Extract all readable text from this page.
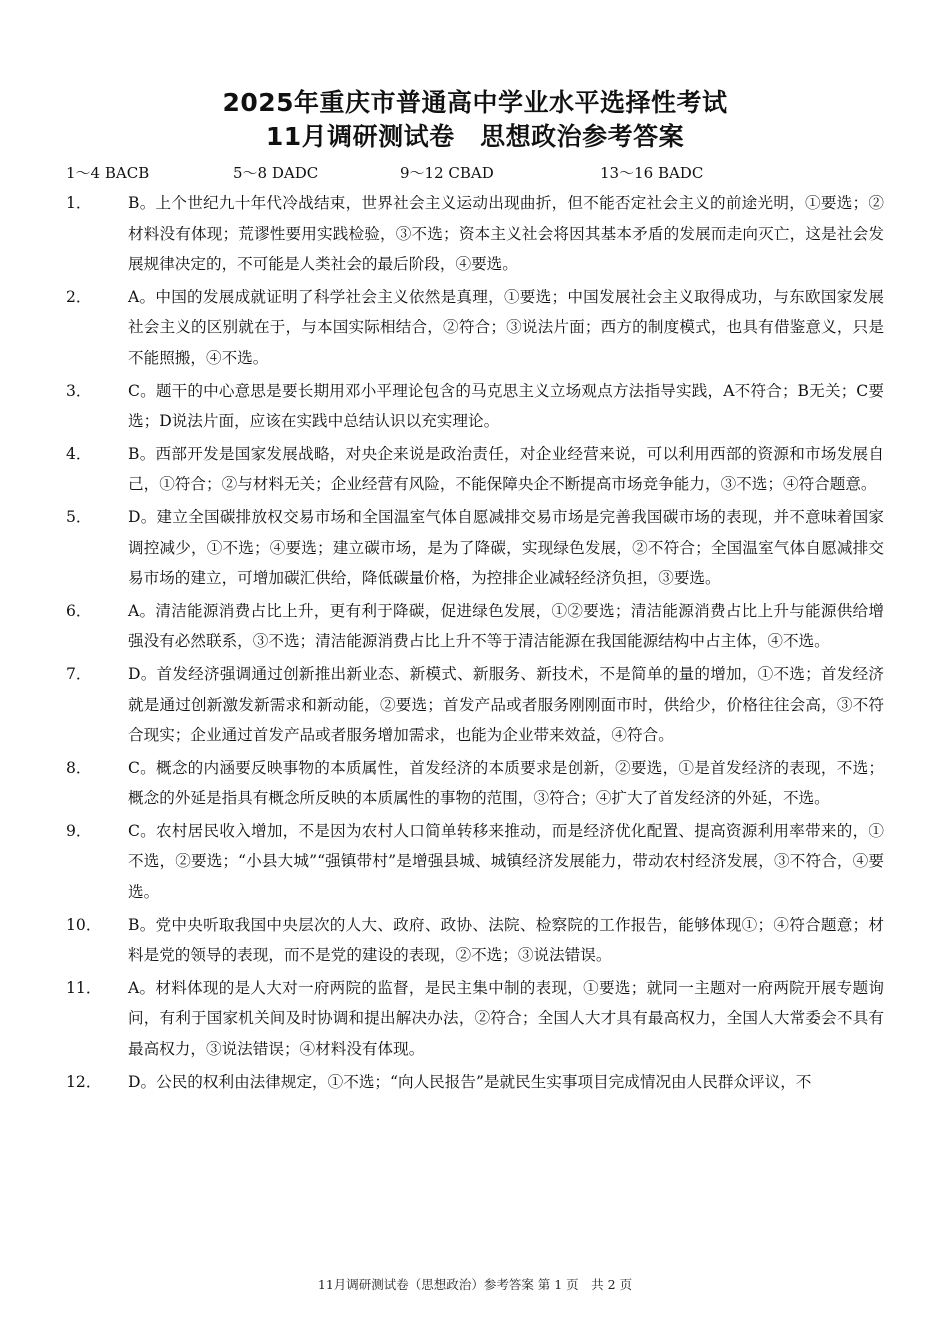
2025年重庆市普通高中学业水平选择性考试
11月调研测试卷　思想政治参考答案
1～4 BACB	5～8 DADC	9～12 CBAD	13～16 BADC
1．	B。上个世纪九十年代冷战结束，世界社会主义运动出现曲折，但不能否定社会主义的前途光明，①要选；②材料没有体现；荒谬性要用实践检验，③不选；资本主义社会将因其基本矛盾的发展而走向灭亡，这是社会发展规律决定的，不可能是人类社会的最后阶段，④要选。
2．	A。中国的发展成就证明了科学社会主义依然是真理，①要选；中国发展社会主义取得成功，与东欧国家发展社会主义的区别就在于，与本国实际相结合，②符合；③说法片面；西方的制度模式，也具有借鉴意义，只是不能照搬，④不选。
3．	C。题干的中心意思是要长期用邓小平理论包含的马克思主义立场观点方法指导实践，A不符合；B无关；C要选；D说法片面，应该在实践中总结认识以充实理论。
4．	B。西部开发是国家发展战略，对央企来说是政治责任，对企业经营来说，可以利用西部的资源和市场发展自己，①符合；②与材料无关；企业经营有风险，不能保障央企不断提高市场竞争能力，③不选；④符合题意。
5．	D。建立全国碳排放权交易市场和全国温室气体自愿减排交易市场是完善我国碳市场的表现，并不意味着国家调控减少，①不选；④要选；建立碳市场，是为了降碳，实现绿色发展，②不符合；全国温室气体自愿减排交易市场的建立，可增加碳汇供给，降低碳量价格，为控排企业减轻经济负担，③要选。
6．	A。清洁能源消费占比上升，更有利于降碳，促进绿色发展，①②要选；清洁能源消费占比上升与能源供给增强没有必然联系，③不选；清洁能源消费占比上升不等于清洁能源在我国能源结构中占主体，④不选。
7．	D。首发经济强调通过创新推出新业态、新模式、新服务、新技术，不是简单的量的增加，①不选；首发经济就是通过创新激发新需求和新动能，②要选；首发产品或者服务刚刚面市时，供给少，价格往往会高，③不符合现实；企业通过首发产品或者服务增加需求，也能为企业带来效益，④符合。
8．	C。概念的内涵要反映事物的本质属性，首发经济的本质要求是创新，②要选，①是首发经济的表现，不选；概念的外延是指具有概念所反映的本质属性的事物的范围，③符合；④扩大了首发经济的外延，不选。
9．	C。农村居民收入增加，不是因为农村人口简单转移来推动，而是经济优化配置、提高资源利用率带来的，①不选，②要选；“小县大城”“强镇带村”是增强县城、城镇经济发展能力，带动农村经济发展，③不符合，④要选。
10．	B。党中央听取我国中央层次的人大、政府、政协、法院、检察院的工作报告，能够体现①；④符合题意；材料是党的领导的表现，而不是党的建设的表现，②不选；③说法错误。
11．	A。材料体现的是人大对一府两院的监督，是民主集中制的表现，①要选；就同一主题对一府两院开展专题询问，有利于国家机关间及时协调和提出解决办法，②符合；全国人大才具有最高权力，全国人大常委会不具有最高权力，③说法错误；④材料没有体现。
12．	D。公民的权利由法律规定，①不选；“向人民报告”是就民生实事项目完成情况由人民群众评议，不
11月调研测试卷（思想政治）参考答案 第 1 页　共 2 页
